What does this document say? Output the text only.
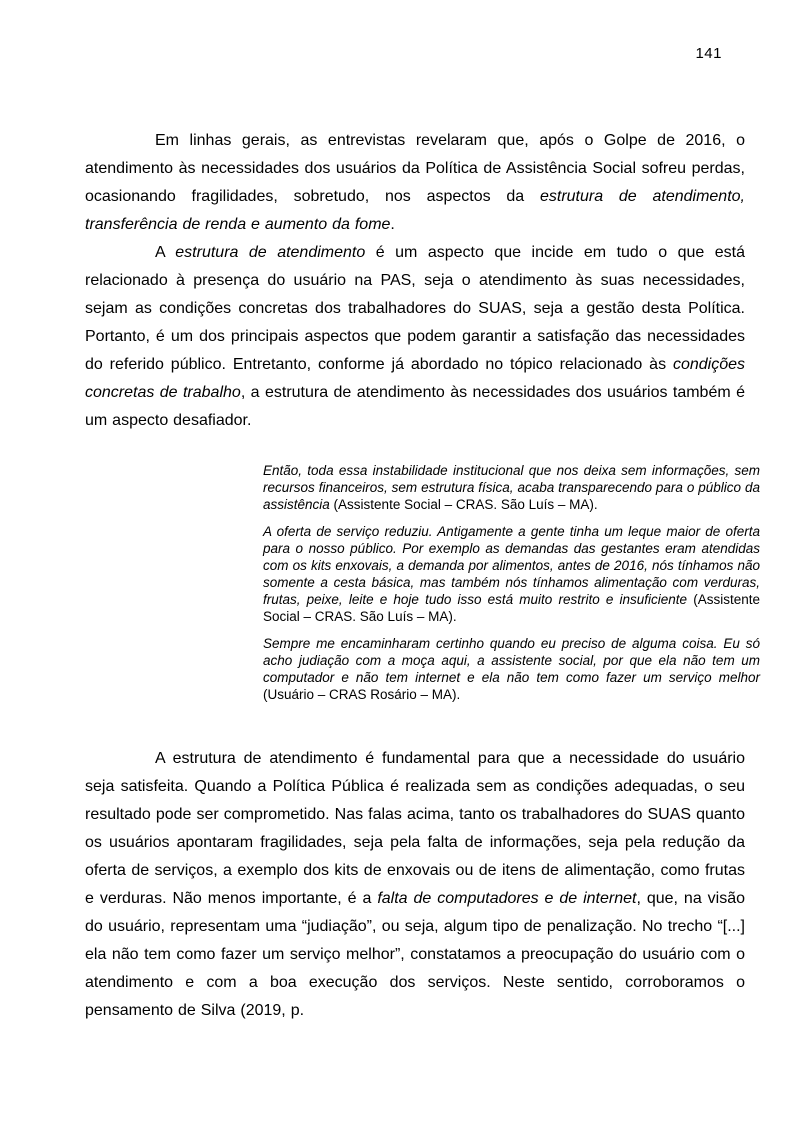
141

Em linhas gerais, as entrevistas revelaram que, após o Golpe de 2016, o atendimento às necessidades dos usuários da Política de Assistência Social sofreu perdas, ocasionando fragilidades, sobretudo, nos aspectos da estrutura de atendimento, transferência de renda e aumento da fome.

A estrutura de atendimento é um aspecto que incide em tudo o que está relacionado à presença do usuário na PAS, seja o atendimento às suas necessidades, sejam as condições concretas dos trabalhadores do SUAS, seja a gestão desta Política. Portanto, é um dos principais aspectos que podem garantir a satisfação das necessidades do referido público. Entretanto, conforme já abordado no tópico relacionado às condições concretas de trabalho, a estrutura de atendimento às necessidades dos usuários também é um aspecto desafiador.

Então, toda essa instabilidade institucional que nos deixa sem informações, sem recursos financeiros, sem estrutura física, acaba transparecendo para o público da assistência (Assistente Social – CRAS. São Luís – MA).

A oferta de serviço reduziu. Antigamente a gente tinha um leque maior de oferta para o nosso público. Por exemplo as demandas das gestantes eram atendidas com os kits enxovais, a demanda por alimentos, antes de 2016, nós tínhamos não somente a cesta básica, mas também nós tínhamos alimentação com verduras, frutas, peixe, leite e hoje tudo isso está muito restrito e insuficiente (Assistente Social – CRAS. São Luís – MA).

Sempre me encaminharam certinho quando eu preciso de alguma coisa. Eu só acho judiação com a moça aqui, a assistente social, por que ela não tem um computador e não tem internet e ela não tem como fazer um serviço melhor (Usuário – CRAS Rosário – MA).

A estrutura de atendimento é fundamental para que a necessidade do usuário seja satisfeita. Quando a Política Pública é realizada sem as condições adequadas, o seu resultado pode ser comprometido. Nas falas acima, tanto os trabalhadores do SUAS quanto os usuários apontaram fragilidades, seja pela falta de informações, seja pela redução da oferta de serviços, a exemplo dos kits de enxovais ou de itens de alimentação, como frutas e verduras. Não menos importante, é a falta de computadores e de internet, que, na visão do usuário, representam uma “judiação”, ou seja, algum tipo de penalização. No trecho “[...] ela não tem como fazer um serviço melhor”, constatamos a preocupação do usuário com o atendimento e com a boa execução dos serviços. Neste sentido, corroboramos o pensamento de Silva (2019, p.
